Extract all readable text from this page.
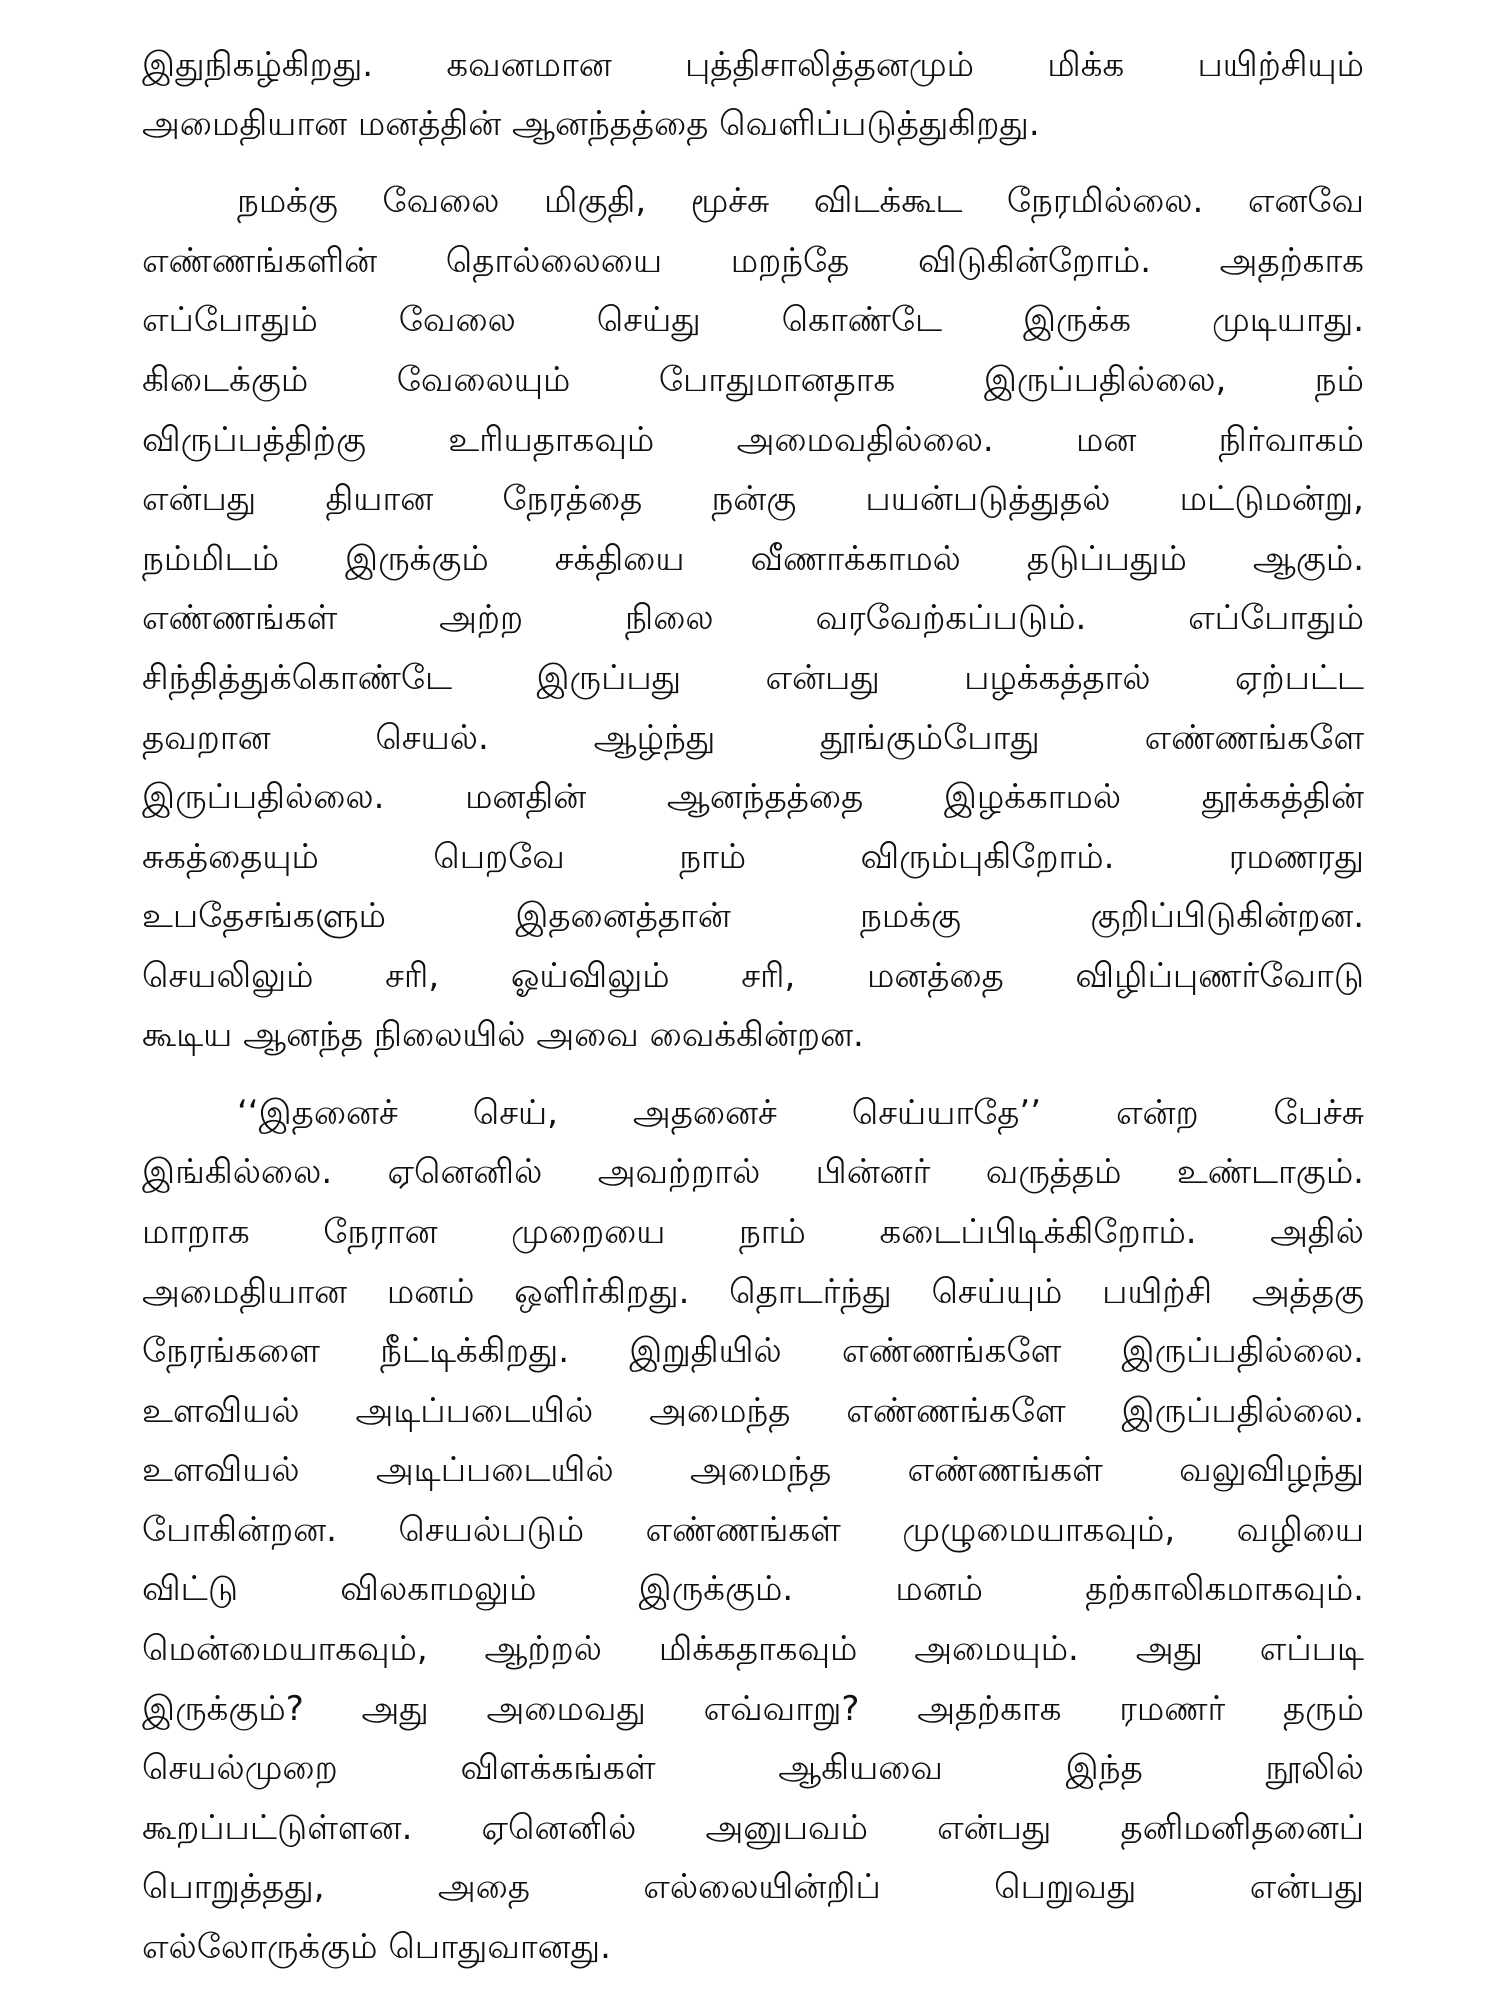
இதுநிகழ்கிறது. கவனமான புத்திசாலித்தனமும் மிக்க பயிற்சியும்
அமைதியான மனத்தின் ஆனந்தத்தை வெளிப்படுத்துகிறது.
நமக்கு வேலை மிகுதி, மூச்சு விடக்கூட நேரமில்லை. எனவே
எண்ணங்களின் தொல்லையை மறந்தே விடுகின்றோம். அதற்காக
எப்போதும் வேலை செய்து கொண்டே இருக்க முடியாது.
கிடைக்கும் வேலையும் போதுமானதாக இருப்பதில்லை, நம்
விருப்பத்திற்கு உரியதாகவும் அமைவதில்லை. மன நிர்வாகம்
என்பது தியான நேரத்தை நன்கு பயன்படுத்துதல் மட்டுமன்று,
நம்மிடம் இருக்கும் சக்தியை வீணாக்காமல் தடுப்பதும் ஆகும்.
எண்ணங்கள் அற்ற நிலை வரவேற்கப்படும். எப்போதும்
சிந்தித்துக்கொண்டே இருப்பது என்பது பழக்கத்தால் ஏற்பட்ட
தவறான செயல். ஆழ்ந்து தூங்கும்போது எண்ணங்களே
இருப்பதில்லை. மனதின் ஆனந்தத்தை இழக்காமல் தூக்கத்தின்
சுகத்தையும் பெறவே நாம் விரும்புகிறோம். ரமணரது
உபதேசங்களும் இதனைத்தான் நமக்கு குறிப்பிடுகின்றன.
செயலிலும் சரி, ஓய்விலும் சரி, மனத்தை விழிப்புணர்வோடு
கூடிய ஆனந்த நிலையில் அவை வைக்கின்றன.
‘‘இதனைச் செய், அதனைச் செய்யாதே’’ என்ற பேச்சு
இங்கில்லை. ஏனெனில் அவற்றால் பின்னர் வருத்தம் உண்டாகும்.
மாறாக நேரான முறையை நாம் கடைப்பிடிக்கிறோம். அதில்
அமைதியான மனம் ஒளிர்கிறது. தொடர்ந்து செய்யும் பயிற்சி அத்தகு
நேரங்களை நீட்டிக்கிறது. இறுதியில் எண்ணங்களே இருப்பதில்லை.
உளவியல் அடிப்படையில் அமைந்த எண்ணங்களே இருப்பதில்லை.
உளவியல் அடிப்படையில் அமைந்த எண்ணங்கள் வலுவிழந்து
போகின்றன. செயல்படும் எண்ணங்கள் முழுமையாகவும், வழியை
விட்டு விலகாமலும் இருக்கும். மனம் தற்காலிகமாகவும்.
மென்மையாகவும், ஆற்றல் மிக்கதாகவும் அமையும். அது எப்படி
இருக்கும்? அது அமைவது எவ்வாறு? அதற்காக ரமணர் தரும்
செயல்முறை விளக்கங்கள் ஆகியவை இந்த நூலில்
கூறப்பட்டுள்ளன. ஏனெனில் அனுபவம் என்பது தனிமனிதனைப்
பொறுத்தது, அதை எல்லையின்றிப் பெறுவது என்பது
எல்லோருக்கும் பொதுவானது.
